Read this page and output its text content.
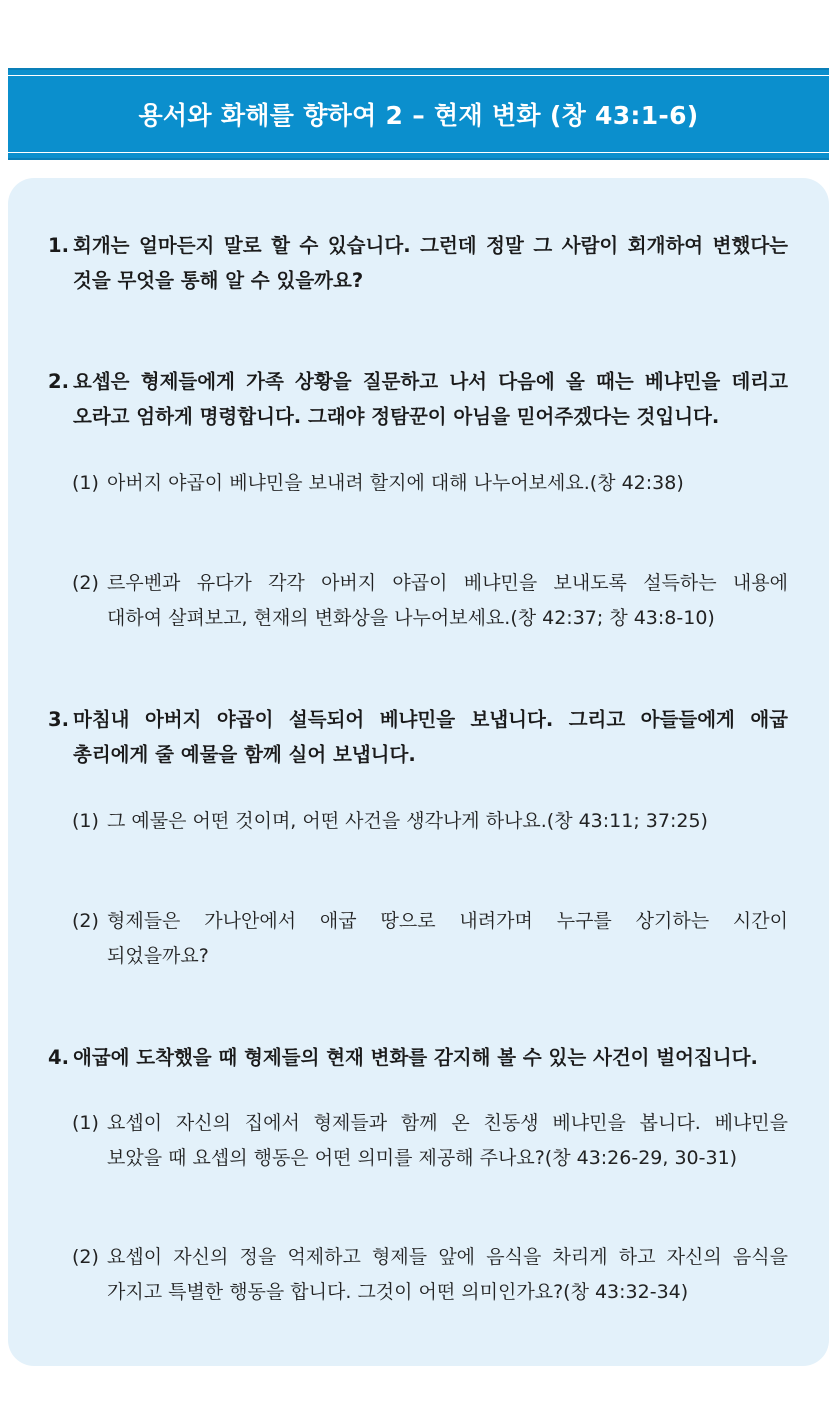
용서와 화해를 향하여 2 – 현재 변화 (창 43:1-6)
1. 회개는 얼마든지 말로 할 수 있습니다. 그런데 정말 그 사람이 회개하여 변했다는
것을 무엇을 통해 알 수 있을까요?
2. 요셉은 형제들에게 가족 상황을 질문하고 나서 다음에 올 때는 베냐민을 데리고
오라고 엄하게 명령합니다. 그래야 정탐꾼이 아님을 믿어주겠다는 것입니다.
(1) 아버지 야곱이 베냐민을 보내려 할지에 대해 나누어보세요.(창 42:38)
(2) 르우벤과 유다가 각각 아버지 야곱이 베냐민을 보내도록 설득하는 내용에
대하여 살펴보고, 현재의 변화상을 나누어보세요.(창 42:37; 창 43:8-10)
3. 마침내 아버지 야곱이 설득되어 베냐민을 보냅니다. 그리고 아들들에게 애굽
총리에게 줄 예물을 함께 실어 보냅니다.
(1) 그 예물은 어떤 것이며, 어떤 사건을 생각나게 하나요.(창 43:11; 37:25)
(2) 형제들은 가나안에서 애굽 땅으로 내려가며 누구를 상기하는 시간이
되었을까요?
4. 애굽에 도착했을 때 형제들의 현재 변화를 감지해 볼 수 있는 사건이 벌어집니다.
(1) 요셉이 자신의 집에서 형제들과 함께 온 친동생 베냐민을 봅니다. 베냐민을
보았을 때 요셉의 행동은 어떤 의미를 제공해 주나요?(창 43:26-29, 30-31)
(2) 요셉이 자신의 정을 억제하고 형제들 앞에 음식을 차리게 하고 자신의 음식을
가지고 특별한 행동을 합니다. 그것이 어떤 의미인가요?(창 43:32-34)
